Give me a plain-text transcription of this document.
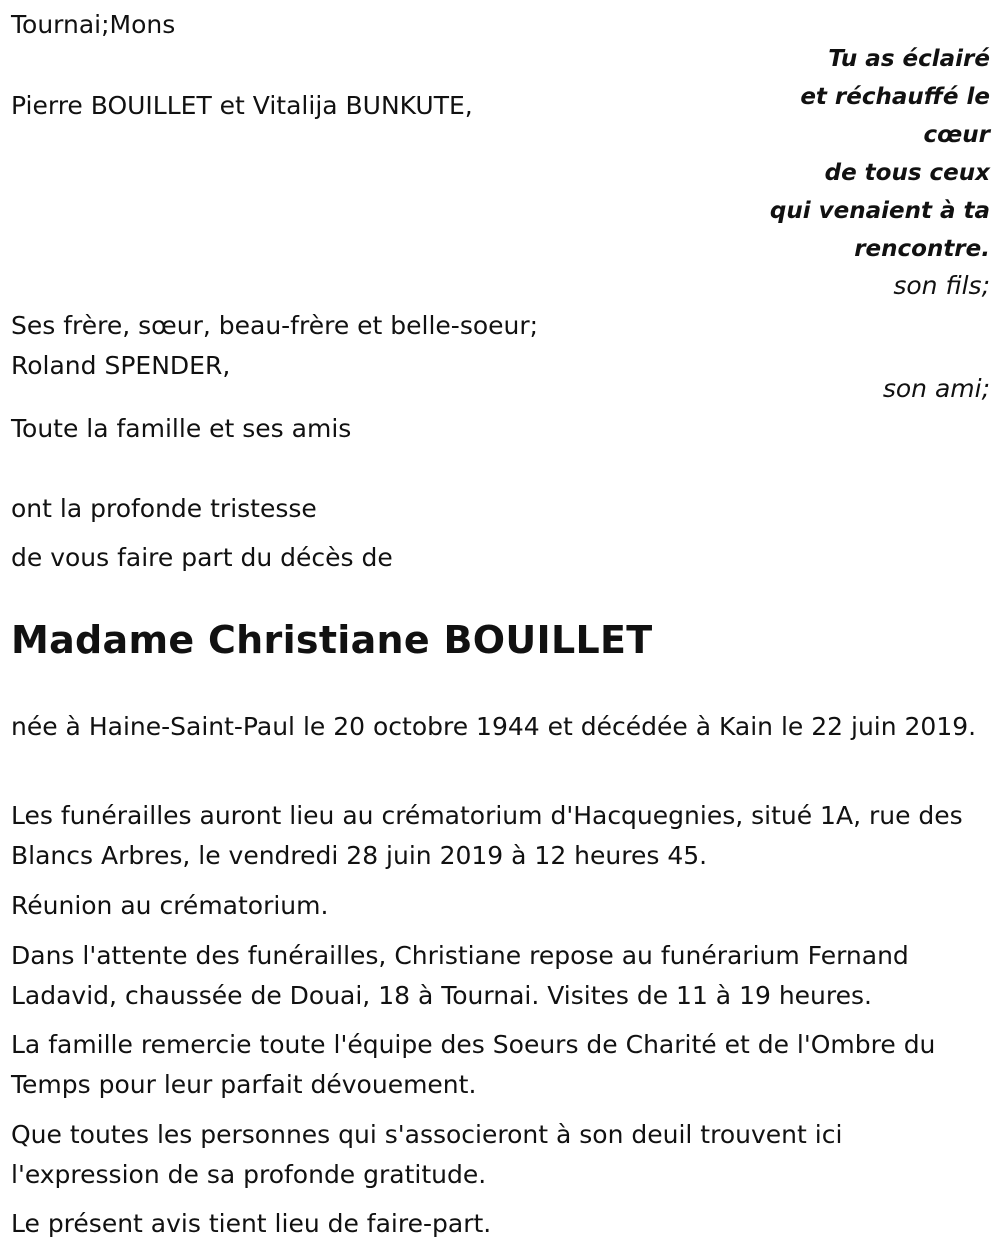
Tournai;Mons
Tu as éclairé
et réchauffé le
cœur
de tous ceux
qui venaient à ta
rencontre.
Pierre BOUILLET et Vitalija BUNKUTE,
son fils;
Ses frère, sœur, beau-frère et belle-soeur;
Roland SPENDER,
son ami;
Toute la famille et ses amis
ont la profonde tristesse
de vous faire part du décès de
Madame Christiane BOUILLET
née à Haine-Saint-Paul le 20 octobre 1944 et décédée à Kain le 22 juin 2019.
Les funérailles auront lieu au crématorium d'Hacquegnies, situé 1A, rue des Blancs Arbres, le vendredi 28 juin 2019 à 12 heures 45.
Réunion au crématorium.
Dans l'attente des funérailles, Christiane repose au funérarium Fernand Ladavid, chaussée de Douai, 18 à Tournai. Visites de 11 à 19 heures.
La famille remercie toute l'équipe des Soeurs de Charité et de l'Ombre du Temps pour leur parfait dévouement.
Que toutes les personnes qui s'associeront à son deuil trouvent ici l'expression de sa profonde gratitude.
Le présent avis tient lieu de faire-part.
